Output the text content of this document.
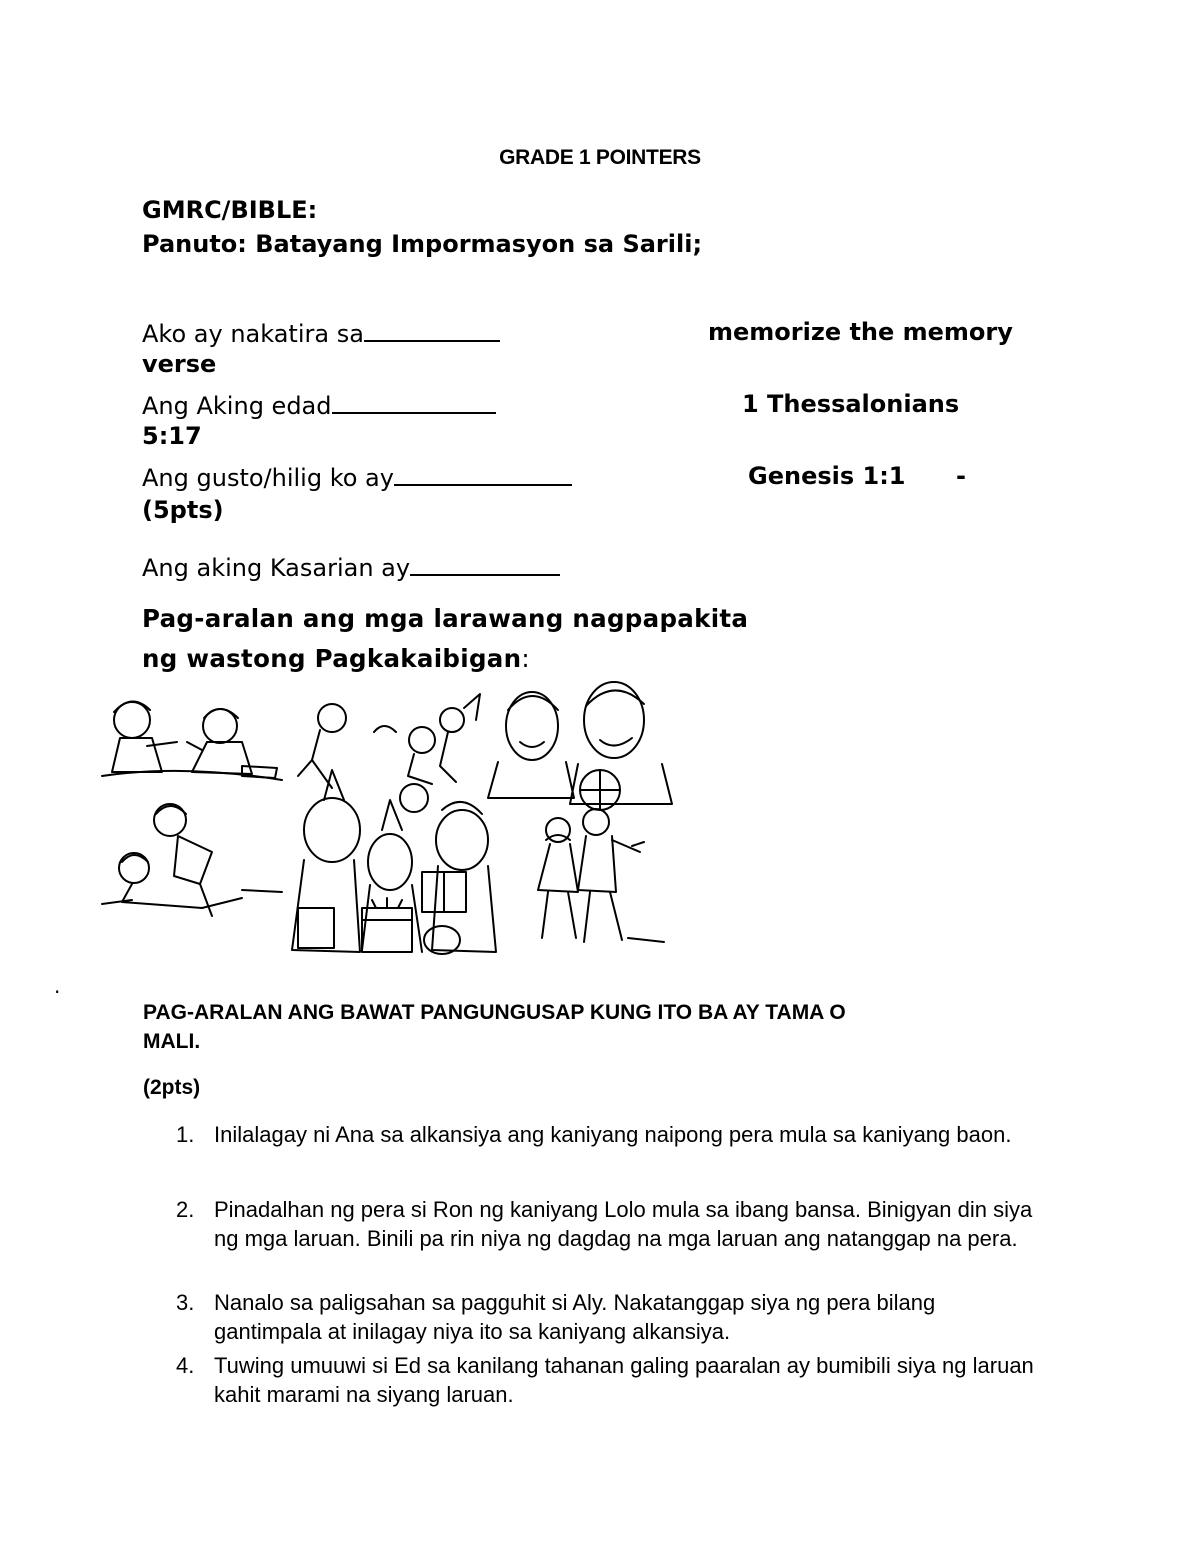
GRADE 1 POINTERS
GMRC/BIBLE:
Panuto: Batayang Impormasyon sa Sarili;
Ako ay nakatira sa	memorize the memory
verse
Ang Aking edad	1 Thessalonians
5:17
Ang gusto/hilig ko ay	Genesis 1:1 -
(5pts)
Ang aking Kasarian ay
Pag-aralan ang mga larawang nagpapakita
ng wastong Pagkakaibigan:
.
PAG-ARALAN ANG BAWAT PANGUNGUSAP KUNG ITO BA AY TAMA O
MALI.
(2pts)
1. Inilalagay ni Ana sa alkansiya ang kaniyang naipong pera mula sa kaniyang baon.
2. Pinadalhan ng pera si Ron ng kaniyang Lolo mula sa ibang bansa. Binigyan din siya ng mga laruan. Binili pa rin niya ng dagdag na mga laruan ang natanggap na pera.
3. Nanalo sa paligsahan sa pagguhit si Aly. Nakatanggap siya ng pera bilang gantimpala at inilagay niya ito sa kaniyang alkansiya.
4. Tuwing umuuwi si Ed sa kanilang tahanan galing paaralan ay bumibili siya ng laruan kahit marami na siyang laruan.
